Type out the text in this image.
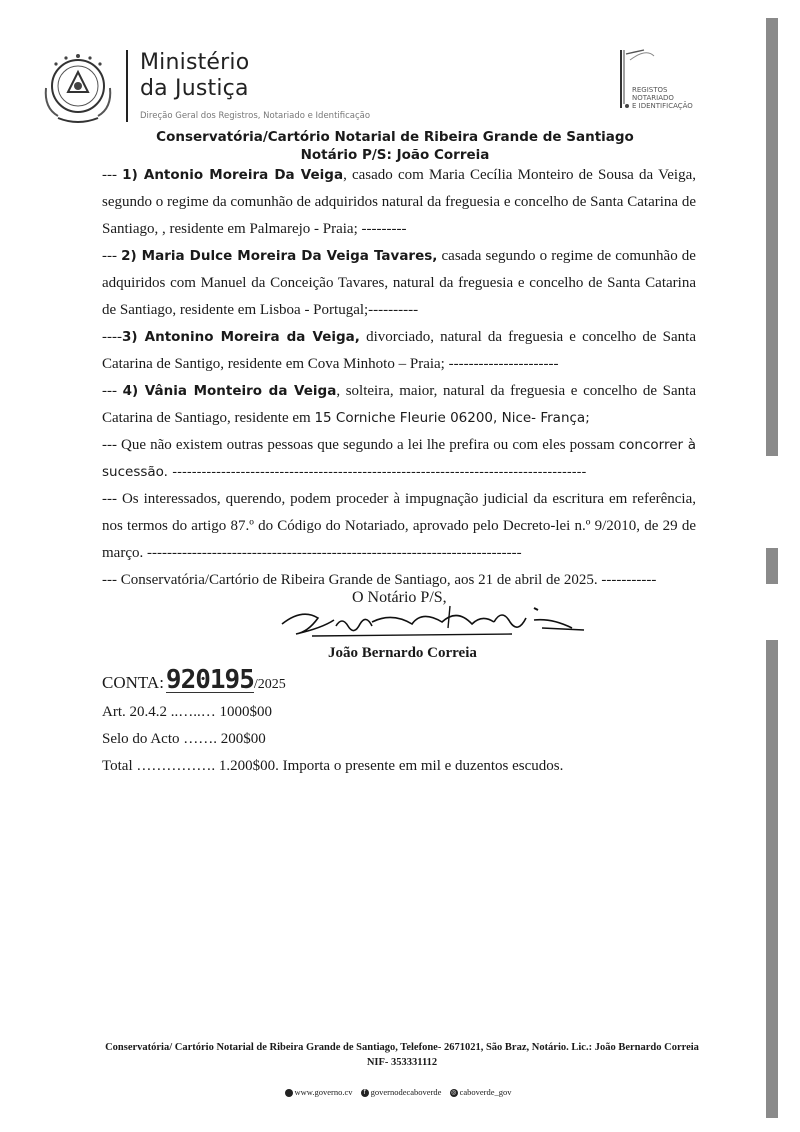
Ministério
da Justiça
Direção Geral dos Registros, Notariado e Identificação
REGISTOS
NOTARIADO
E IDENTIFICAÇÃO
Conservatória/Cartório Notarial de Ribeira Grande de Santiago
Notário P/S: João Correia

--- 1) Antonio Moreira Da Veiga, casado com Maria Cecília Monteiro de Sousa da Veiga, segundo o regime da comunhão de adquiridos natural da freguesia e concelho de Santa Catarina de Santiago, , residente em Palmarejo - Praia; ---------

--- 2) Maria Dulce Moreira Da Veiga Tavares, casada segundo o regime de comunhão de adquiridos com Manuel da Conceição Tavares, natural da freguesia e concelho de Santa Catarina de Santiago, residente em Lisboa - Portugal;----------

----3) Antonino Moreira da Veiga, divorciado, natural da freguesia e concelho de Santa Catarina de Santigo, residente em Cova Minhoto – Praia; ----------------------

--- 4) Vânia Monteiro da Veiga, solteira, maior, natural da freguesia e concelho de Santa Catarina de Santiago, residente em 15 Corniche Fleurie 06200, Nice- França;

--- Que não existem outras pessoas que segundo a lei lhe prefira ou com eles possam concorrer à sucessão. -------------------------------------------------------------------------------------

--- Os interessados, querendo, podem proceder à impugnação judicial da escritura em referência, nos termos do artigo 87.º do Código do Notariado, aprovado pelo Decreto-lei n.º 9/2010, de 29 de março. ---------------------------------------------------------------------------

--- Conservatória/Cartório de Ribeira Grande de Santiago, aos 21 de abril de 2025. -----------

O Notário P/S,
João Bernardo Correia
CONTA:920195/2025
Art. 20.4.2 ..…..… 1000$00
Selo do Acto ……. 200$00
Total ……………. 1.200$00. Importa o presente em mil e duzentos escudos.
Conservatória/ Cartório Notarial de Ribeira Grande de Santiago, Telefone- 2671021, São Braz, Notário. Lic.: João Bernardo Correia NIF- 353331112
www.governo.cv f governodecaboverde ◎ caboverde_gov
